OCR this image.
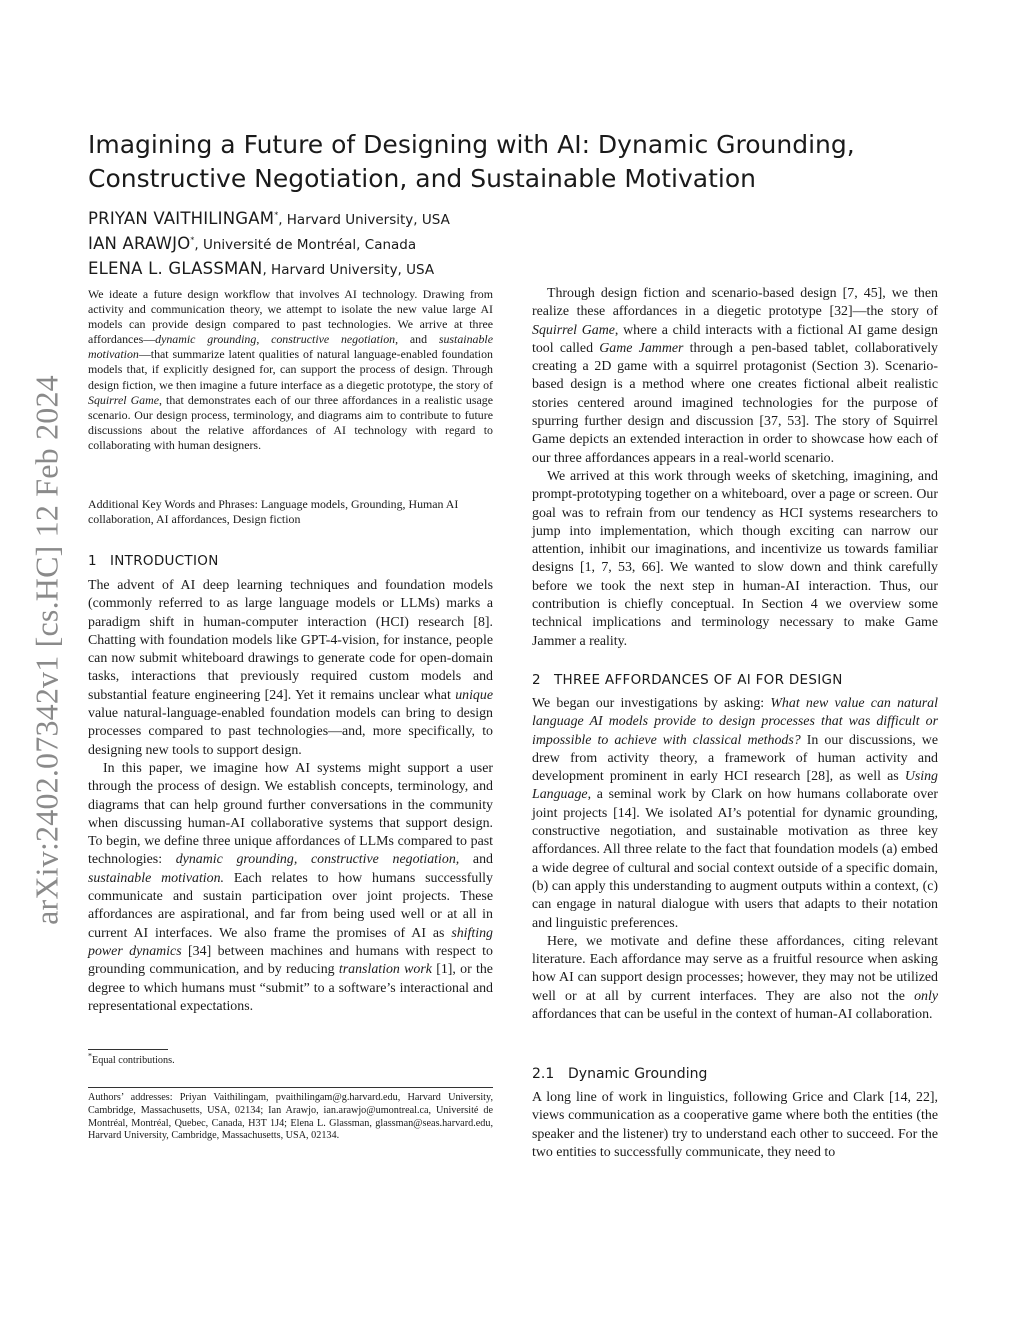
arXiv:2402.07342v1 [cs.HC] 12 Feb 2024
Imagining a Future of Designing with AI: Dynamic Grounding,
Constructive Negotiation, and Sustainable Motivation
PRIYAN VAITHILINGAM*, Harvard University, USA
IAN ARAWJO*, Université de Montréal, Canada
ELENA L. GLASSMAN, Harvard University, USA

We ideate a future design workflow that involves AI technology. Drawing from activity and communication theory, we attempt to isolate the new value large AI models can provide design compared to past technologies. We arrive at three affordances—dynamic grounding, constructive negotiation, and sustainable motivation—that summarize latent qualities of natural language-enabled foundation models that, if explicitly designed for, can support the process of design. Through design fiction, we then imagine a future interface as a diegetic prototype, the story of Squirrel Game, that demonstrates each of our three affordances in a realistic usage scenario. Our design process, terminology, and diagrams aim to contribute to future discussions about the relative affordances of AI technology with regard to collaborating with human designers.

Additional Key Words and Phrases: Language models, Grounding, Human AI collaboration, AI affordances, Design fiction

1 INTRODUCTION

The advent of AI deep learning techniques and foundation models (commonly referred to as large language models or LLMs) marks a paradigm shift in human-computer interaction (HCI) research [8]. Chatting with foundation models like GPT-4-vision, for instance, people can now submit whiteboard drawings to generate code for open-domain tasks, interactions that previously required custom models and substantial feature engineering [24]. Yet it remains unclear what unique value natural-language-enabled foundation models can bring to design processes compared to past technologies—and, more specifically, to designing new tools to support design.

In this paper, we imagine how AI systems might support a user through the process of design. We establish concepts, terminology, and diagrams that can help ground further conversations in the community when discussing human-AI collaborative systems that support design. To begin, we define three unique affordances of LLMs compared to past technologies: dynamic grounding, constructive negotiation, and sustainable motivation. Each relates to how humans successfully communicate and sustain participation over joint projects. These affordances are aspirational, and far from being used well or at all in current AI interfaces. We also frame the promises of AI as shifting power dynamics [34] between machines and humans with respect to grounding communication, and by reducing translation work [1], or the degree to which humans must “submit” to a software’s interactional and representational expectations.

*Equal contributions.

Authors’ addresses: Priyan Vaithilingam, pvaithilingam@g.harvard.edu, Harvard University, Cambridge, Massachusetts, USA, 02134; Ian Arawjo, ian.arawjo@umontreal.ca, Université de Montréal, Montréal, Quebec, Canada, H3T 1J4; Elena L. Glassman, glassman@seas.harvard.edu, Harvard University, Cambridge, Massachusetts, USA, 02134.

Through design fiction and scenario-based design [7, 45], we then realize these affordances in a diegetic prototype [32]—the story of Squirrel Game, where a child interacts with a fictional AI game design tool called Game Jammer through a pen-based tablet, collaboratively creating a 2D game with a squirrel protagonist (Section 3). Scenario-based design is a method where one creates fictional albeit realistic stories centered around imagined technologies for the purpose of spurring further design and discussion [37, 53]. The story of Squirrel Game depicts an extended interaction in order to showcase how each of our three affordances appears in a real-world scenario.

We arrived at this work through weeks of sketching, imagining, and prompt-prototyping together on a whiteboard, over a page or screen. Our goal was to refrain from our tendency as HCI systems researchers to jump into implementation, which though exciting can narrow our attention, inhibit our imaginations, and incentivize us towards familiar designs [1, 7, 53, 66]. We wanted to slow down and think carefully before we took the next step in human-AI interaction. Thus, our contribution is chiefly conceptual. In Section 4 we overview some technical implications and terminology necessary to make Game Jammer a reality.

2 THREE AFFORDANCES OF AI FOR DESIGN

We began our investigations by asking: What new value can natural language AI models provide to design processes that was difficult or impossible to achieve with classical methods? In our discussions, we drew from activity theory, a framework of human activity and development prominent in early HCI research [28], as well as Using Language, a seminal work by Clark on how humans collaborate over joint projects [14]. We isolated AI’s potential for dynamic grounding, constructive negotiation, and sustainable motivation as three key affordances. All three relate to the fact that foundation models (a) embed a wide degree of cultural and social context outside of a specific domain, (b) can apply this understanding to augment outputs within a context, (c) can engage in natural dialogue with users that adapts to their notation and linguistic preferences.

Here, we motivate and define these affordances, citing relevant literature. Each affordance may serve as a fruitful resource when asking how AI can support design processes; however, they may not be utilized well or at all by current interfaces. They are also not the only affordances that can be useful in the context of human-AI collaboration.

2.1 Dynamic Grounding

A long line of work in linguistics, following Grice and Clark [14, 22], views communication as a cooperative game where both the entities (the speaker and the listener) try to understand each other to succeed. For the two entities to successfully communicate, they need to
